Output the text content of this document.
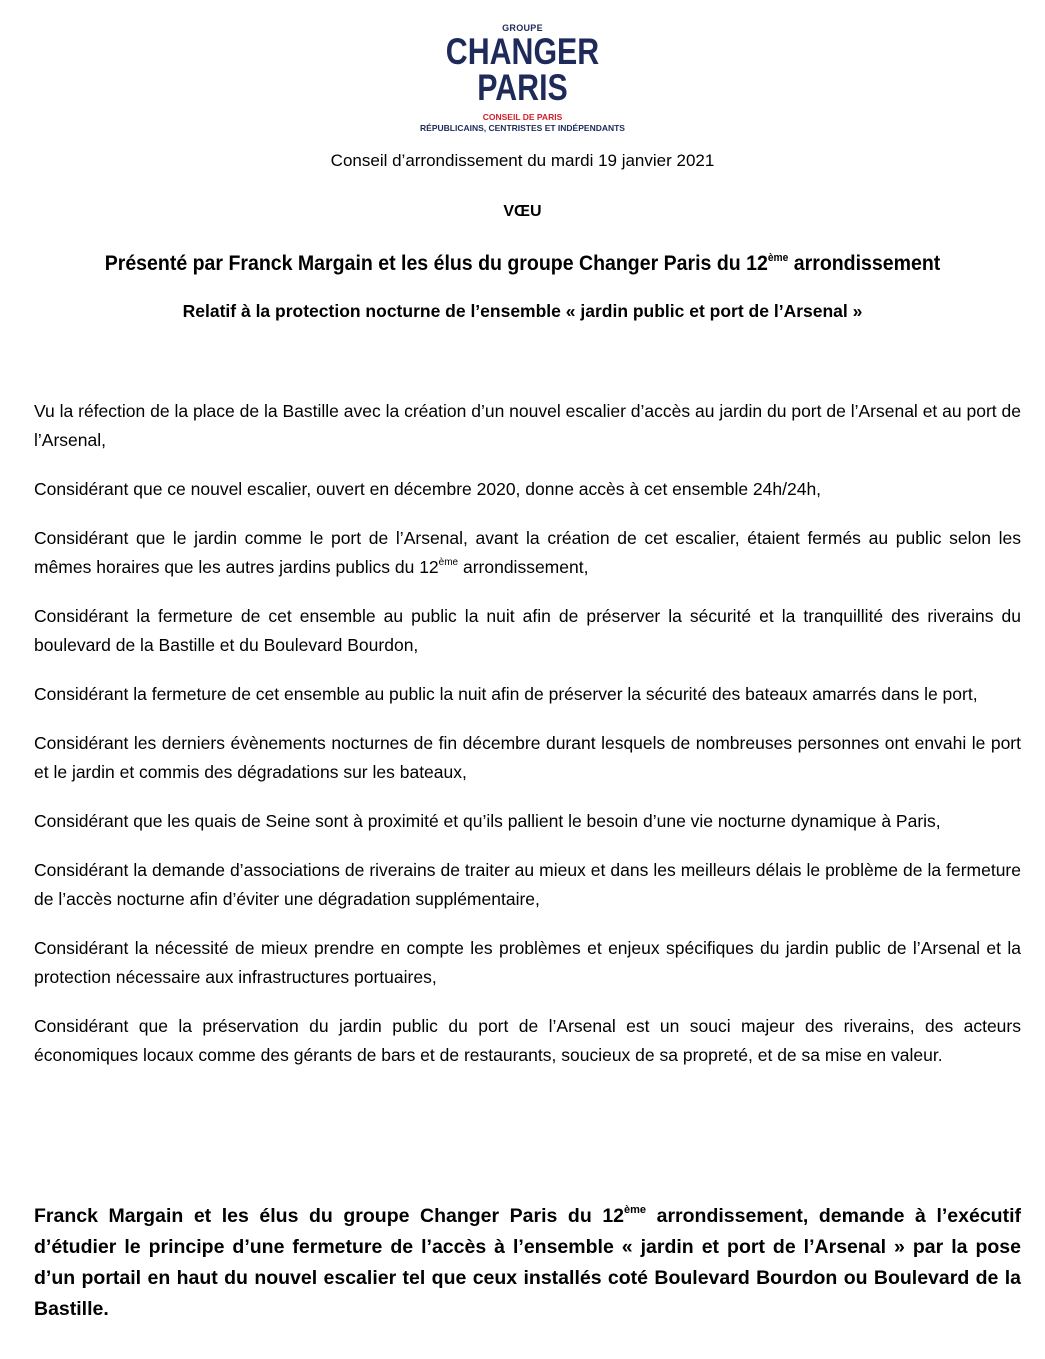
GROUPE
CHANGER
PARIS
CONSEIL DE PARIS
RÉPUBLICAINS, CENTRISTES ET INDÉPENDANTS
Conseil d’arrondissement du mardi 19 janvier 2021
VŒU
Présenté par Franck Margain et les élus du groupe Changer Paris du 12ème arrondissement
Relatif à la protection nocturne de l’ensemble « jardin public et port de l’Arsenal »

Vu la réfection de la place de la Bastille avec la création d’un nouvel escalier d’accès au jardin du port de l’Arsenal et au port de l’Arsenal,

Considérant que ce nouvel escalier, ouvert en décembre 2020, donne accès à cet ensemble 24h/24h,

Considérant que le jardin comme le port de l’Arsenal, avant la création de cet escalier, étaient fermés au public selon les mêmes horaires que les autres jardins publics du 12ème arrondissement,

Considérant la fermeture de cet ensemble au public la nuit afin de préserver la sécurité et la tranquillité des riverains du boulevard de la Bastille et du Boulevard Bourdon,

Considérant la fermeture de cet ensemble au public la nuit afin de préserver la sécurité des bateaux amarrés dans le port,

Considérant les derniers évènements nocturnes de fin décembre durant lesquels de nombreuses personnes ont envahi le port et le jardin et commis des dégradations sur les bateaux,

Considérant que les quais de Seine sont à proximité et qu’ils pallient le besoin d’une vie nocturne dynamique à Paris,

Considérant la demande d’associations de riverains de traiter au mieux et dans les meilleurs délais le problème de la fermeture de l’accès nocturne afin d’éviter une dégradation supplémentaire,

Considérant la nécessité de mieux prendre en compte les problèmes et enjeux spécifiques du jardin public de l’Arsenal et la protection nécessaire aux infrastructures portuaires,

Considérant que la préservation du jardin public du port de l’Arsenal est un souci majeur des riverains, des acteurs économiques locaux comme des gérants de bars et de restaurants, soucieux de sa propreté, et de sa mise en valeur.

Franck Margain et les élus du groupe Changer Paris du 12ème arrondissement, demande à l’exécutif d’étudier le principe d’une fermeture de l’accès à l’ensemble « jardin et port de l’Arsenal » par la pose d’un portail en haut du nouvel escalier tel que ceux installés coté Boulevard Bourdon ou Boulevard de la Bastille.
